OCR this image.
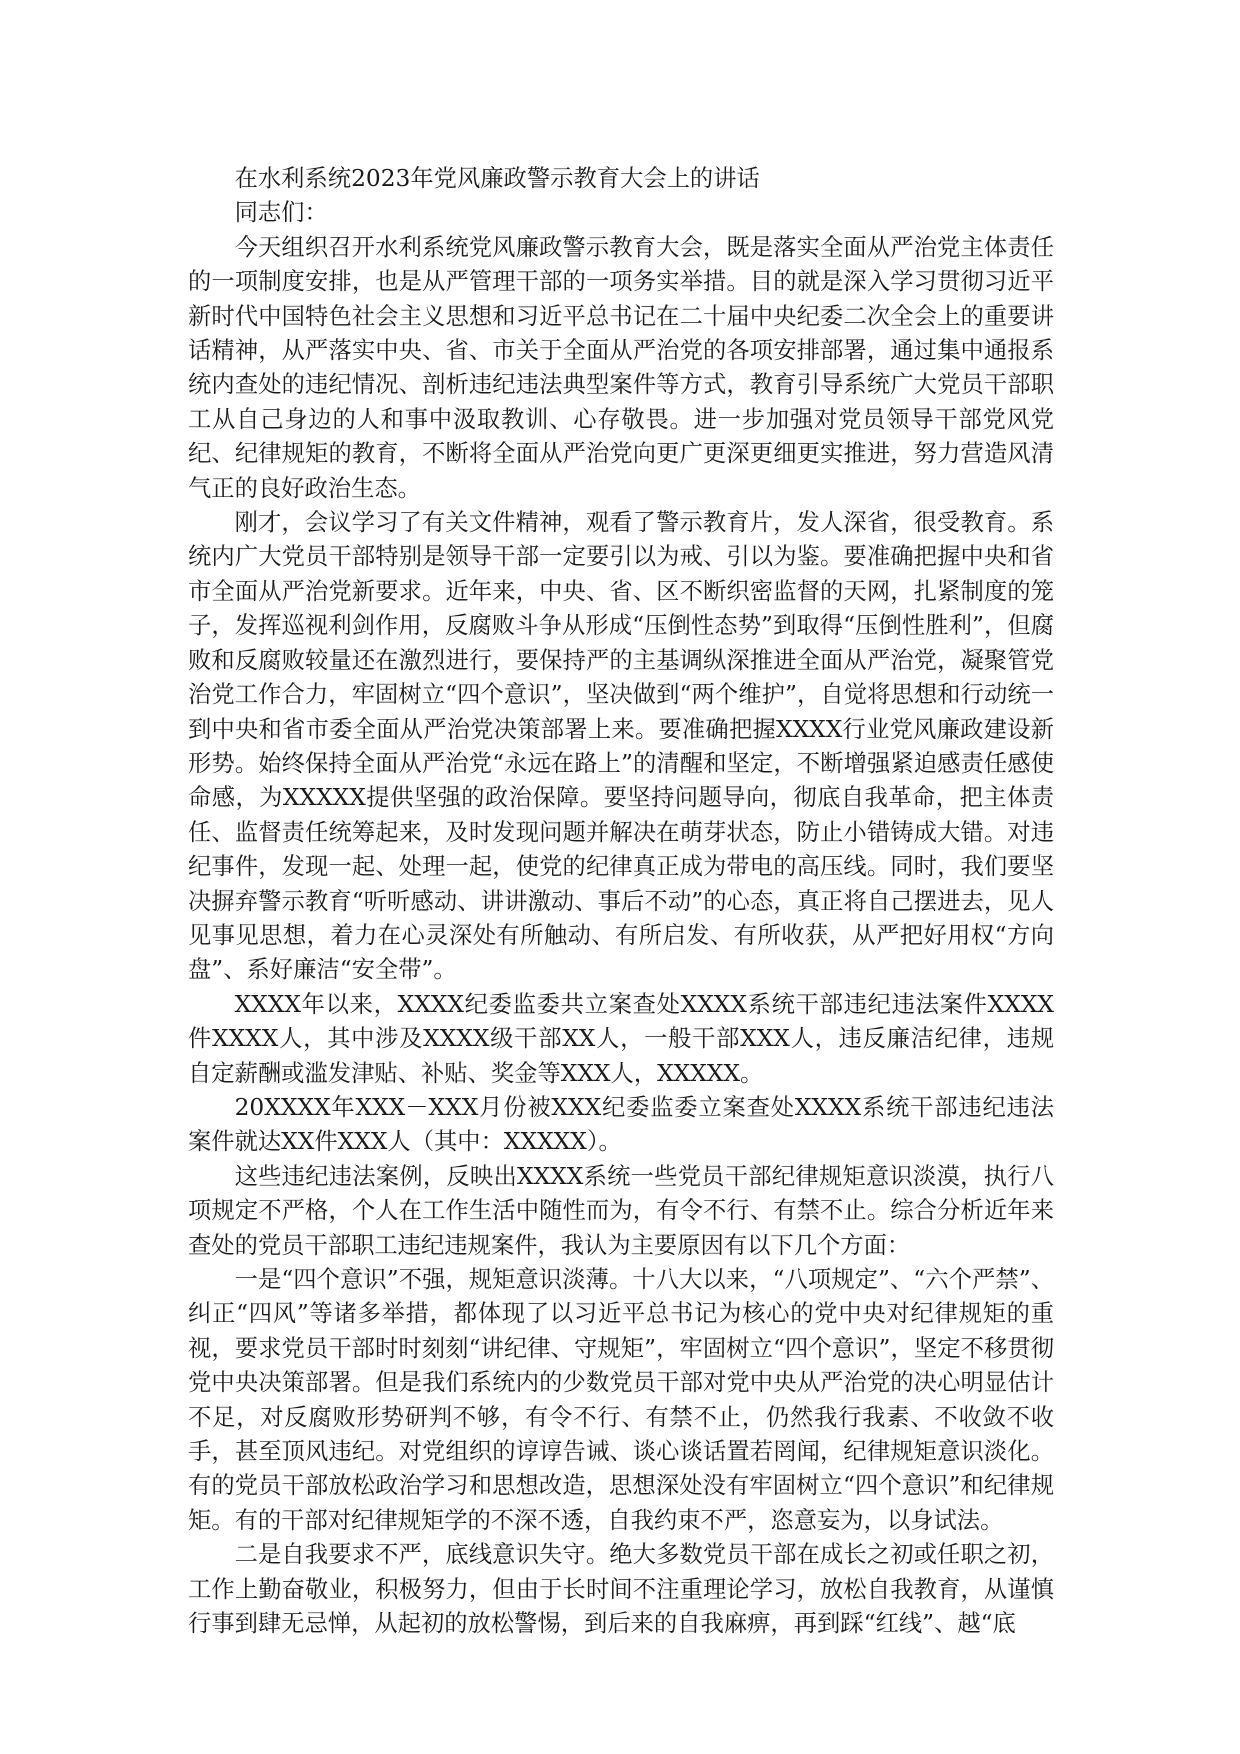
在水利系统2023年党风廉政警示教育大会上的讲话

同志们：

今天组织召开水利系统党风廉政警示教育大会，既是落实全面从严治党主体责任的一项制度安排，也是从严管理干部的一项务实举措。目的就是深入学习贯彻习近平新时代中国特色社会主义思想和习近平总书记在二十届中央纪委二次全会上的重要讲话精神，从严落实中央、省、市关于全面从严治党的各项安排部署，通过集中通报系统内查处的违纪情况、剖析违纪违法典型案件等方式，教育引导系统广大党员干部职工从自己身边的人和事中汲取教训、心存敬畏。进一步加强对党员领导干部党风党纪、纪律规矩的教育，不断将全面从严治党向更广更深更细更实推进，努力营造风清气正的良好政治生态。

刚才，会议学习了有关文件精神，观看了警示教育片，发人深省，很受教育。系统内广大党员干部特别是领导干部一定要引以为戒、引以为鉴。要准确把握中央和省市全面从严治党新要求。近年来，中央、省、区不断织密监督的天网，扎紧制度的笼子，发挥巡视利剑作用，反腐败斗争从形成“压倒性态势”到取得“压倒性胜利”，但腐败和反腐败较量还在激烈进行，要保持严的主基调纵深推进全面从严治党，凝聚管党治党工作合力，牢固树立“四个意识”，坚决做到“两个维护”，自觉将思想和行动统一到中央和省市委全面从严治党决策部署上来。要准确把握XXXX行业党风廉政建设新形势。始终保持全面从严治党“永远在路上”的清醒和坚定，不断增强紧迫感责任感使命感，为XXXXX提供坚强的政治保障。要坚持问题导向，彻底自我革命，把主体责任、监督责任统筹起来，及时发现问题并解决在萌芽状态，防止小错铸成大错。对违纪事件，发现一起、处理一起，使党的纪律真正成为带电的高压线。同时，我们要坚决摒弃警示教育“听听感动、讲讲激动、事后不动”的心态，真正将自己摆进去，见人见事见思想，着力在心灵深处有所触动、有所启发、有所收获，从严把好用权“方向盘”、系好廉洁“安全带”。

XXXX年以来，XXXX纪委监委共立案查处XXXX系统干部违纪违法案件XXXX件XXXX人，其中涉及XXXX级干部XX人，一般干部XXX人，违反廉洁纪律，违规自定薪酬或滥发津贴、补贴、奖金等XXX人，XXXXX。

20XXXX年XXX－XXX月份被XXX纪委监委立案查处XXXX系统干部违纪违法案件就达XX件XXX人（其中：XXXXX）。

这些违纪违法案例，反映出XXXX系统一些党员干部纪律规矩意识淡漠，执行八项规定不严格，个人在工作生活中随性而为，有令不行、有禁不止。综合分析近年来查处的党员干部职工违纪违规案件，我认为主要原因有以下几个方面：

一是“四个意识”不强，规矩意识淡薄。十八大以来，“八项规定”、“六个严禁”、纠正“四风”等诸多举措，都体现了以习近平总书记为核心的党中央对纪律规矩的重视，要求党员干部时时刻刻“讲纪律、守规矩”，牢固树立“四个意识”，坚定不移贯彻党中央决策部署。但是我们系统内的少数党员干部对党中央从严治党的决心明显估计不足，对反腐败形势研判不够，有令不行、有禁不止，仍然我行我素、不收敛不收手，甚至顶风违纪。对党组织的谆谆告诫、谈心谈话置若罔闻，纪律规矩意识淡化。有的党员干部放松政治学习和思想改造，思想深处没有牢固树立“四个意识”和纪律规矩。有的干部对纪律规矩学的不深不透，自我约束不严，恣意妄为，以身试法。

二是自我要求不严，底线意识失守。绝大多数党员干部在成长之初或任职之初，工作上勤奋敬业，积极努力，但由于长时间不注重理论学习，放松自我教育，从谨慎行事到肆无忌惮，从起初的放松警惕，到后来的自我麻痹，再到踩“红线”、越“底
